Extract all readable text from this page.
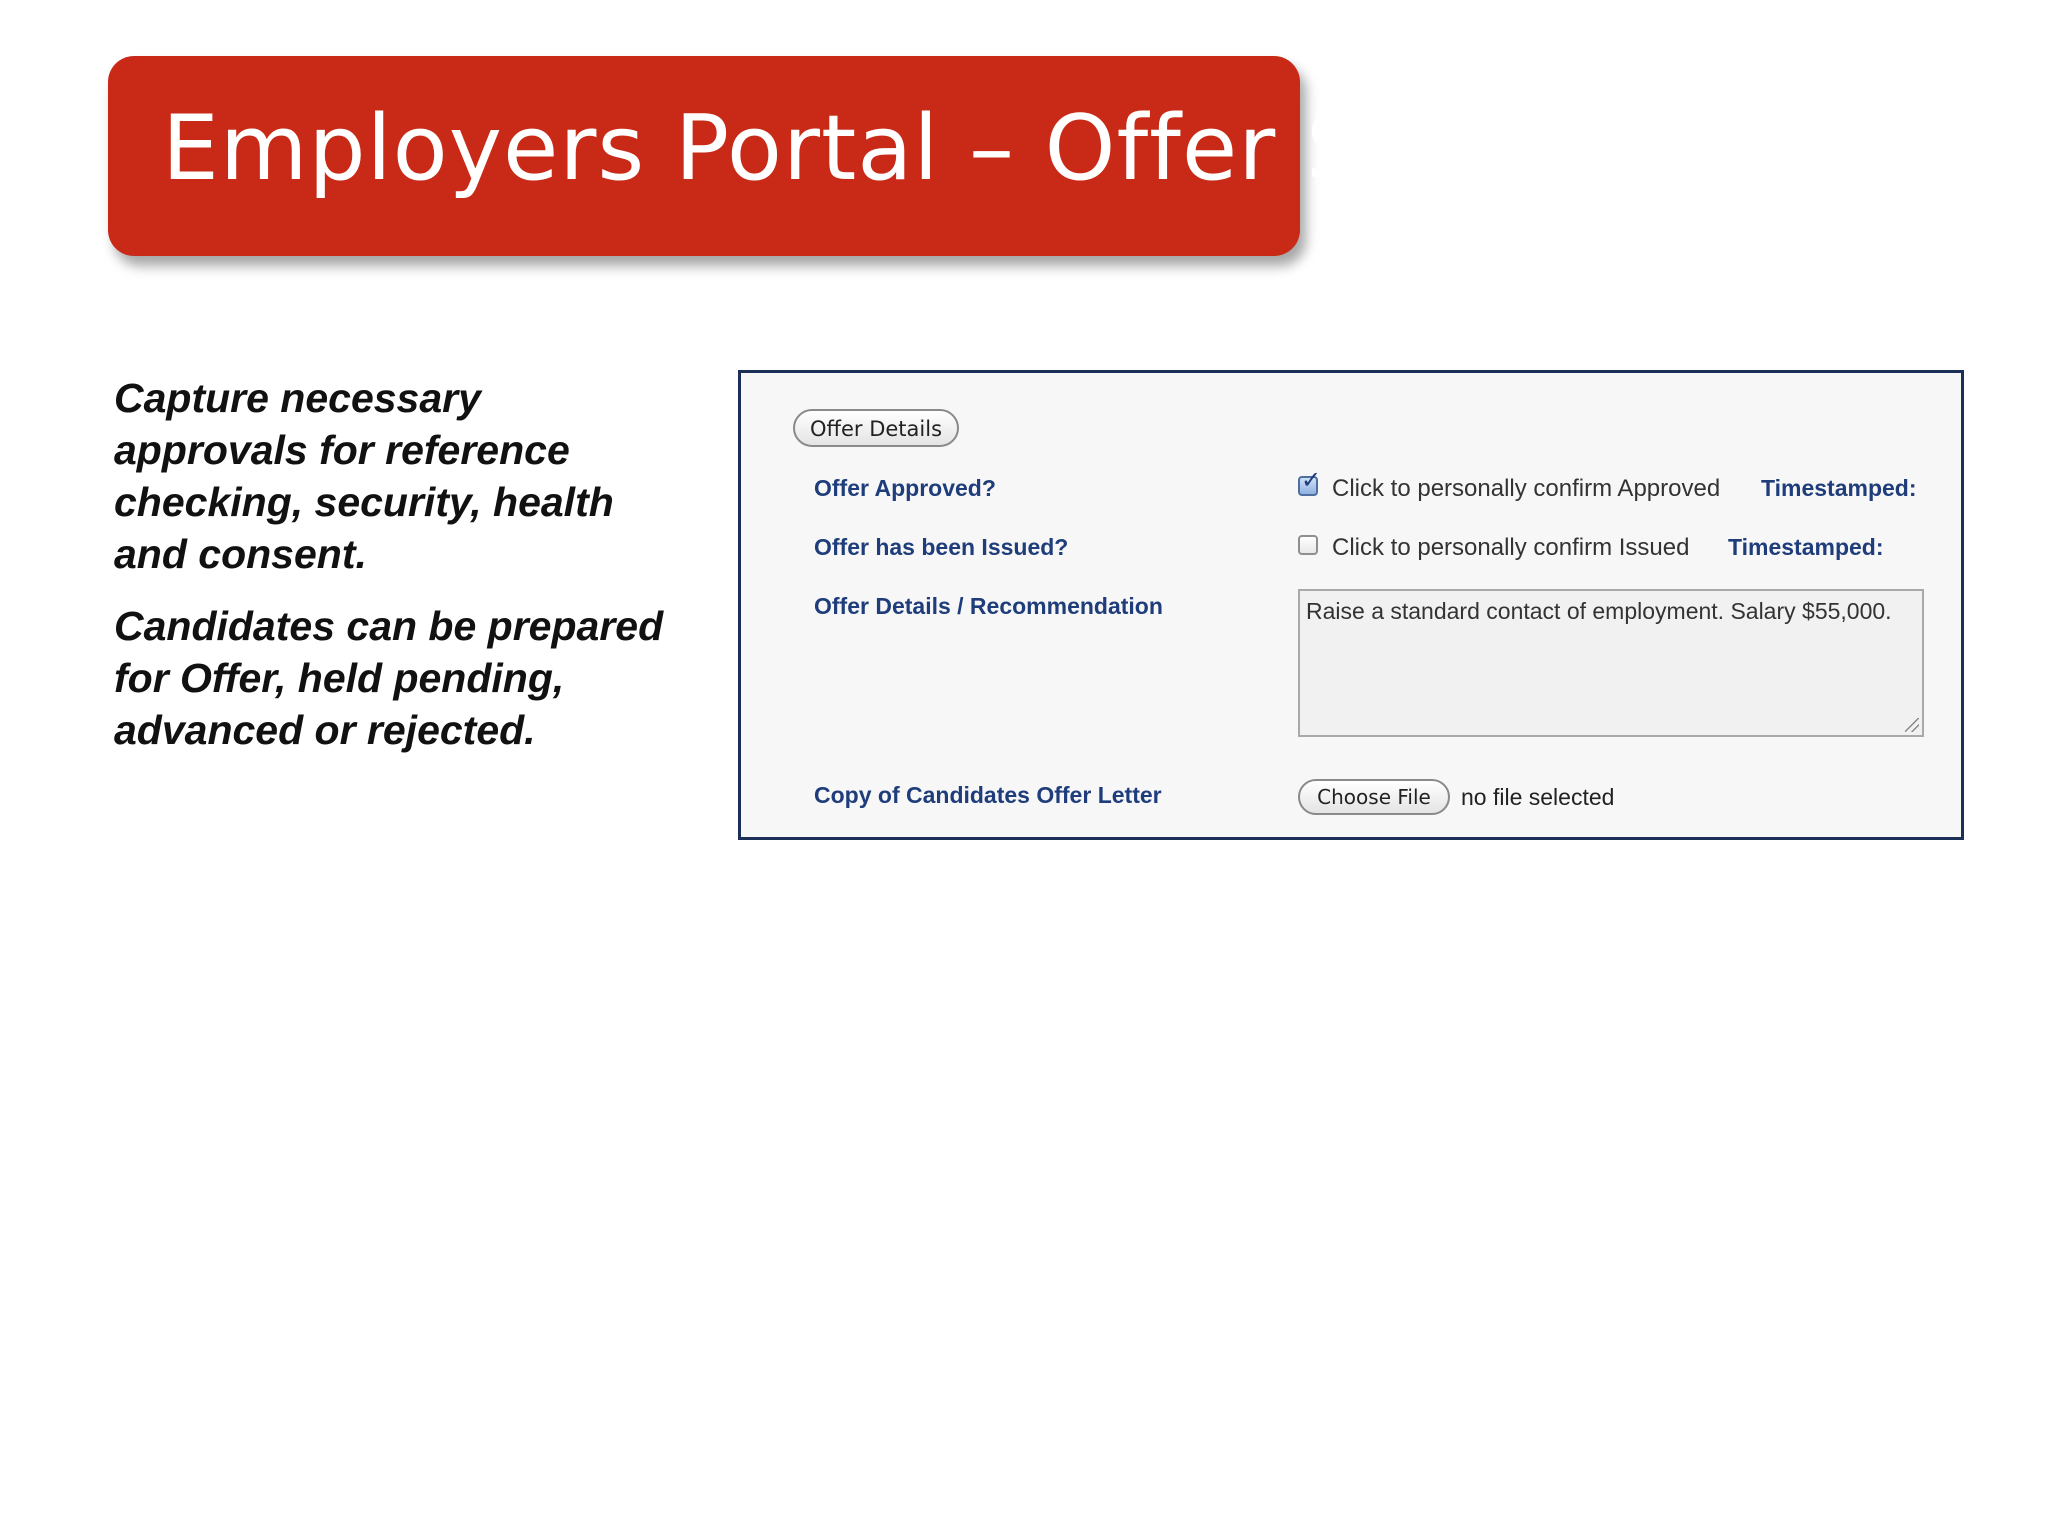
Employers Portal – Offer Stage

Capture necessary approvals for reference checking, security, health and consent.

Candidates can be prepared for Offer, held pending, advanced or rejected.

Offer Details
Offer Approved?	✓ Click to personally confirm Approved Timestamped:
Offer has been Issued?	Click to personally confirm Issued Timestamped:
Offer Details / Recommendation	Raise a standard contact of employment. Salary $55,000.
Copy of Candidates Offer Letter	Choose File	no file selected
